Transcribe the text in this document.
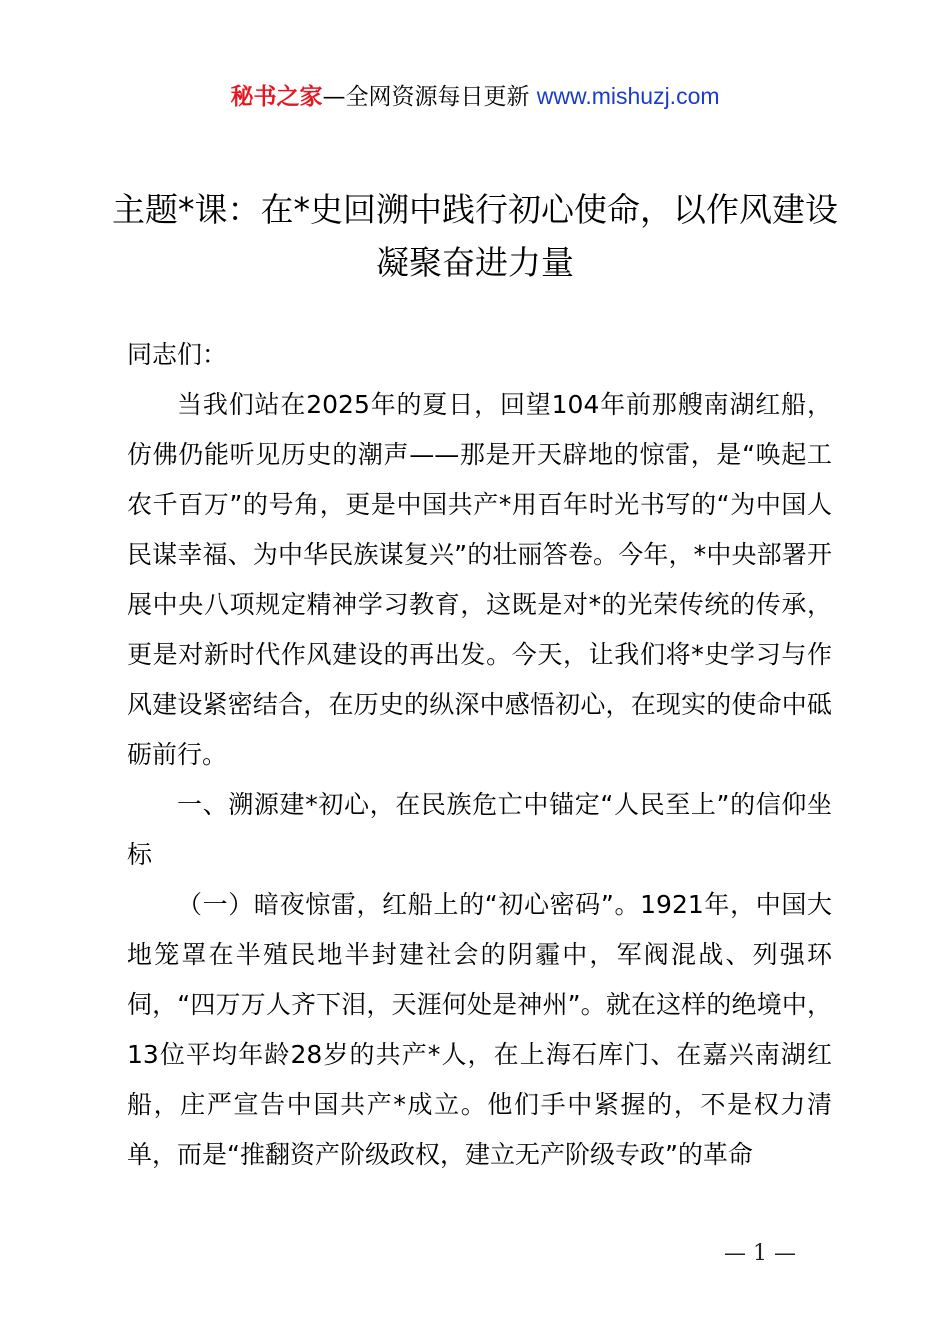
秘书之家—全网资源每日更新 www.mishuzj.com
主题*课：在*史回溯中践行初心使命，以作风建设凝聚奋进力量

同志们：

当我们站在2025年的夏日，回望104年前那艘南湖红船，仿佛仍能听见历史的潮声——那是开天辟地的惊雷，是“唤起工农千百万”的号角，更是中国共产*用百年时光书写的“为中国人民谋幸福、为中华民族谋复兴”的壮丽答卷。今年，*中央部署开展中央八项规定精神学习教育，这既是对*的光荣传统的传承，更是对新时代作风建设的再出发。今天，让我们将*史学习与作风建设紧密结合，在历史的纵深中感悟初心，在现实的使命中砥砺前行。

一、溯源建*初心，在民族危亡中锚定“人民至上”的信仰坐标

（一）暗夜惊雷，红船上的“初心密码”。1921年，中国大地笼罩在半殖民地半封建社会的阴霾中，军阀混战、列强环伺，“四万万人齐下泪，天涯何处是神州”。就在这样的绝境中，13位平均年龄28岁的共产*人，在上海石库门、在嘉兴南湖红船，庄严宣告中国共产*成立。他们手中紧握的，不是权力清单，而是“推翻资产阶级政权，建立无产阶级专政”的革命

— 1 —
